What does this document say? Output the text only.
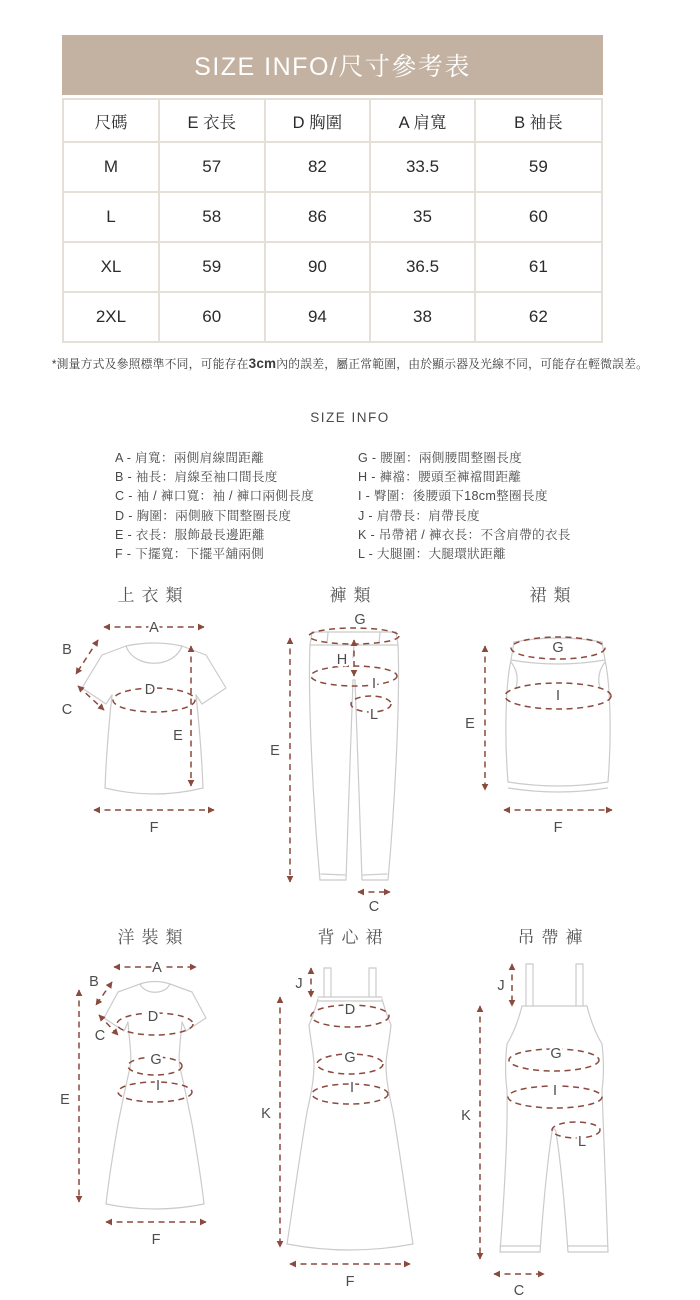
SIZE INFO/尺寸參考表
尺碼	E 衣長	D 胸圍	A 肩寬	B 袖長
M	57	82	33.5	59
L	58	86	35	60
XL	59	90	36.5	61
2XL	60	94	38	62
*測量方式及參照標準不同，可能存在3cm內的誤差，屬正常範圍，由於顯示器及光線不同，可能存在輕微誤差。
SIZE INFO
A - 肩寬：兩側肩線間距離
B - 袖長：肩線至袖口間長度
C - 袖 / 褲口寬：袖 / 褲口兩側長度
D - 胸圍：兩側腋下間整圈長度
E - 衣長：服飾最長邊距離
F - 下擺寬：下擺平舖兩側
G - 腰圍：兩側腰間整圈長度
H - 褲襠：腰頭至褲襠間距離
I - 臀圍：後腰頭下18cm整圈長度
J - 肩帶長：肩帶長度
K - 吊帶裙 / 褲衣長：不含肩帶的衣長
L - 大腿圍：大腿環狀距離
上衣類
A
B
C
D
E
F
褲類
G
H
I
L
E
C
裙類
G
I
E
F
洋裝類
A
B
C
D
G
I
E
F
背心裙
J
D
G
I
K
F
吊帶褲
J
G
I
L
K
C
